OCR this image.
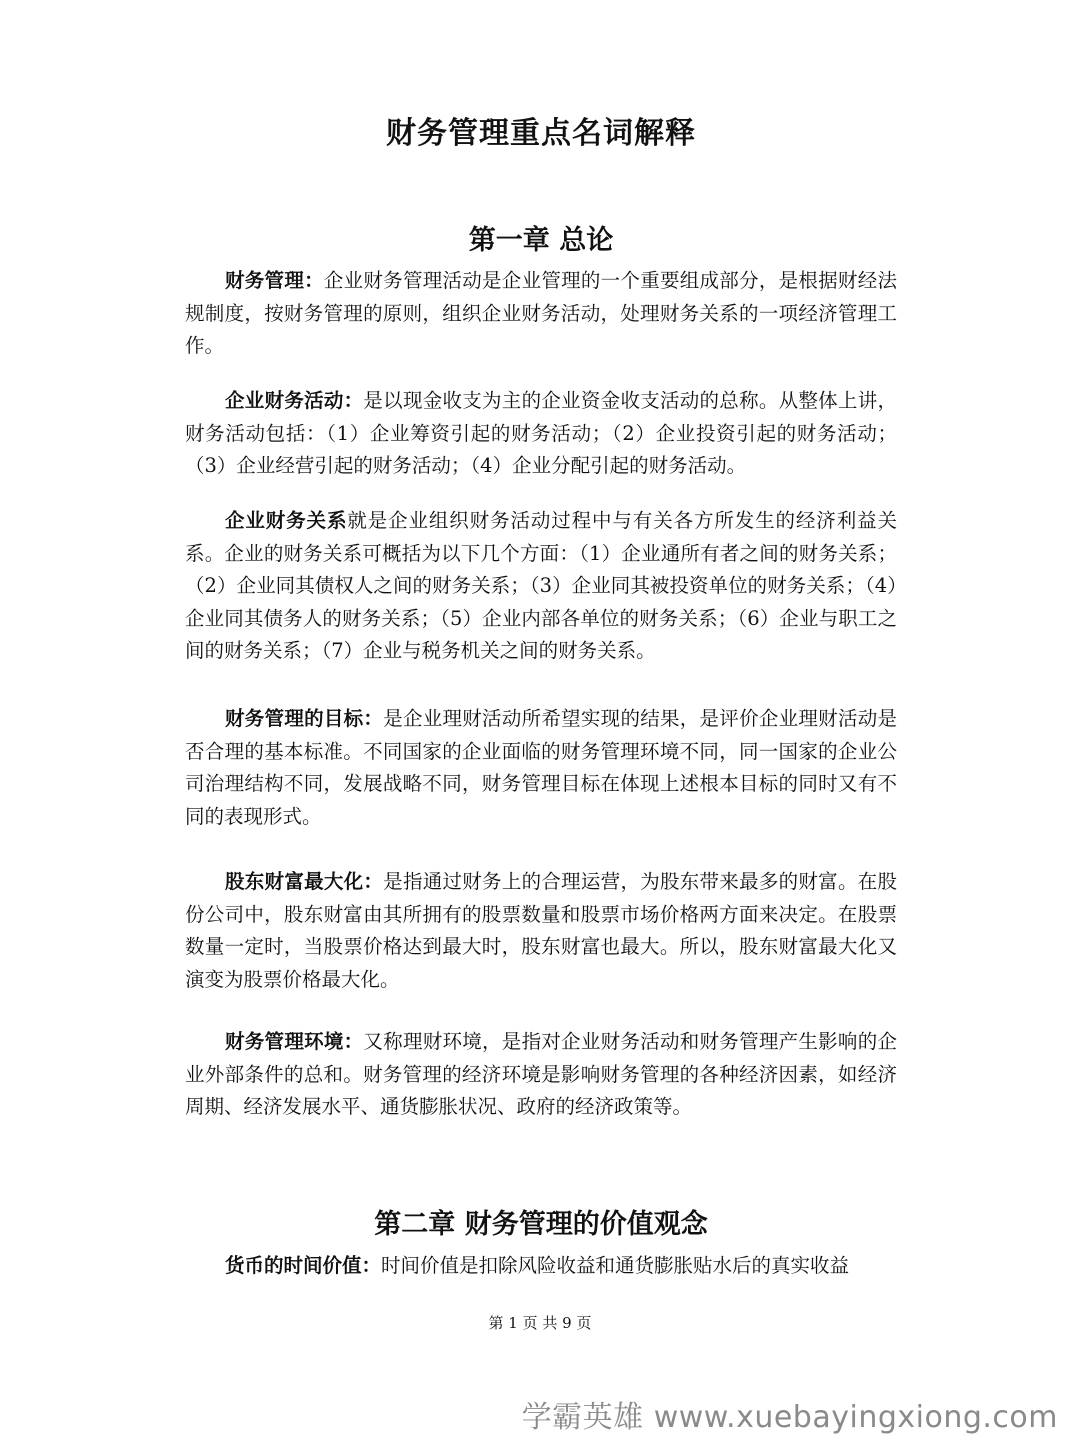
财务管理重点名词解释
第一章 总论

财务管理：企业财务管理活动是企业管理的一个重要组成部分，是根据财经法规制度，按财务管理的原则，组织企业财务活动，处理财务关系的一项经济管理工作。

企业财务活动：是以现金收支为主的企业资金收支活动的总称。从整体上讲，财务活动包括：（1）企业筹资引起的财务活动；（2）企业投资引起的财务活动；（3）企业经营引起的财务活动；（4）企业分配引起的财务活动。

企业财务关系就是企业组织财务活动过程中与有关各方所发生的经济利益关系。企业的财务关系可概括为以下几个方面：（1）企业通所有者之间的财务关系；（2）企业同其债权人之间的财务关系；（3）企业同其被投资单位的财务关系；（4）企业同其债务人的财务关系；（5）企业内部各单位的财务关系；（6）企业与职工之间的财务关系；（7）企业与税务机关之间的财务关系。

财务管理的目标：是企业理财活动所希望实现的结果，是评价企业理财活动是否合理的基本标准。不同国家的企业面临的财务管理环境不同，同一国家的企业公司治理结构不同，发展战略不同，财务管理目标在体现上述根本目标的同时又有不同的表现形式。

股东财富最大化：是指通过财务上的合理运营，为股东带来最多的财富。在股份公司中，股东财富由其所拥有的股票数量和股票市场价格两方面来决定。在股票数量一定时，当股票价格达到最大时，股东财富也最大。所以，股东财富最大化又演变为股票价格最大化。

财务管理环境：又称理财环境，是指对企业财务活动和财务管理产生影响的企业外部条件的总和。财务管理的经济环境是影响财务管理的各种经济因素，如经济周期、经济发展水平、通货膨胀状况、政府的经济政策等。

第二章 财务管理的价值观念

货币的时间价值：时间价值是扣除风险收益和通货膨胀贴水后的真实收益

第 1 页 共 9 页
学霸英雄 www.xuebayingxiong.com
